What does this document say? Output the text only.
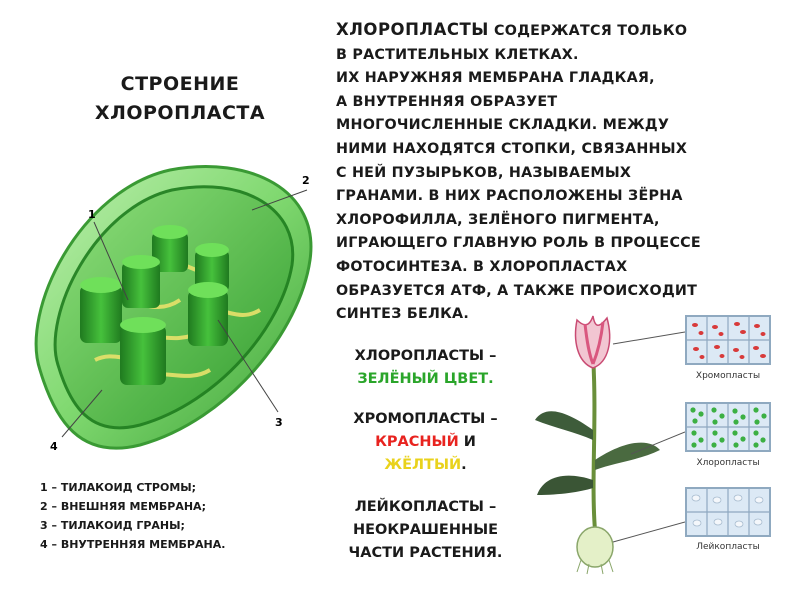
СТРОЕНИЕ
ХЛОРОПЛАСТА
1
2
3
4
1 – ТИЛАКОИД СТРОМЫ;
2 – ВНЕШНЯЯ МЕМБРАНА;
3 – ТИЛАКОИД ГРАНЫ;
4 – ВНУТРЕННЯЯ МЕМБРАНА.
ХЛОРОПЛАСТЫ СОДЕРЖАТСЯ ТОЛЬКО
В РАСТИТЕЛЬНЫХ КЛЕТКАХ.
ИХ НАРУЖНЯЯ МЕМБРАНА ГЛАДКАЯ,
А ВНУТРЕННЯЯ ОБРАЗУЕТ
МНОГОЧИСЛЕННЫЕ СКЛАДКИ. МЕЖДУ
НИМИ НАХОДЯТСЯ СТОПКИ, СВЯЗАННЫХ
С НЕЙ ПУЗЫРЬКОВ, НАЗЫВАЕМЫХ
ГРАНАМИ. В НИХ РАСПОЛОЖЕНЫ ЗЁРНА
ХЛОРОФИЛЛА, ЗЕЛЁНОГО ПИГМЕНТА,
ИГРАЮЩЕГО ГЛАВНУЮ РОЛЬ В ПРОЦЕССЕ
ФОТОСИНТЕЗА. В ХЛОРОПЛАСТАХ
ОБРАЗУЕТСЯ АТФ, А ТАКЖЕ ПРОИСХОДИТ
СИНТЕЗ БЕЛКА.
ХЛОРОПЛАСТЫ –
ЗЕЛЁНЫЙ ЦВЕТ.
ХРОМОПЛАСТЫ –
КРАСНЫЙ И
ЖЁЛТЫЙ.
ЛЕЙКОПЛАСТЫ –
НЕОКРАШЕННЫЕ
ЧАСТИ РАСТЕНИЯ.
Хромопласты
Хлоропласты
Лейкопласты
